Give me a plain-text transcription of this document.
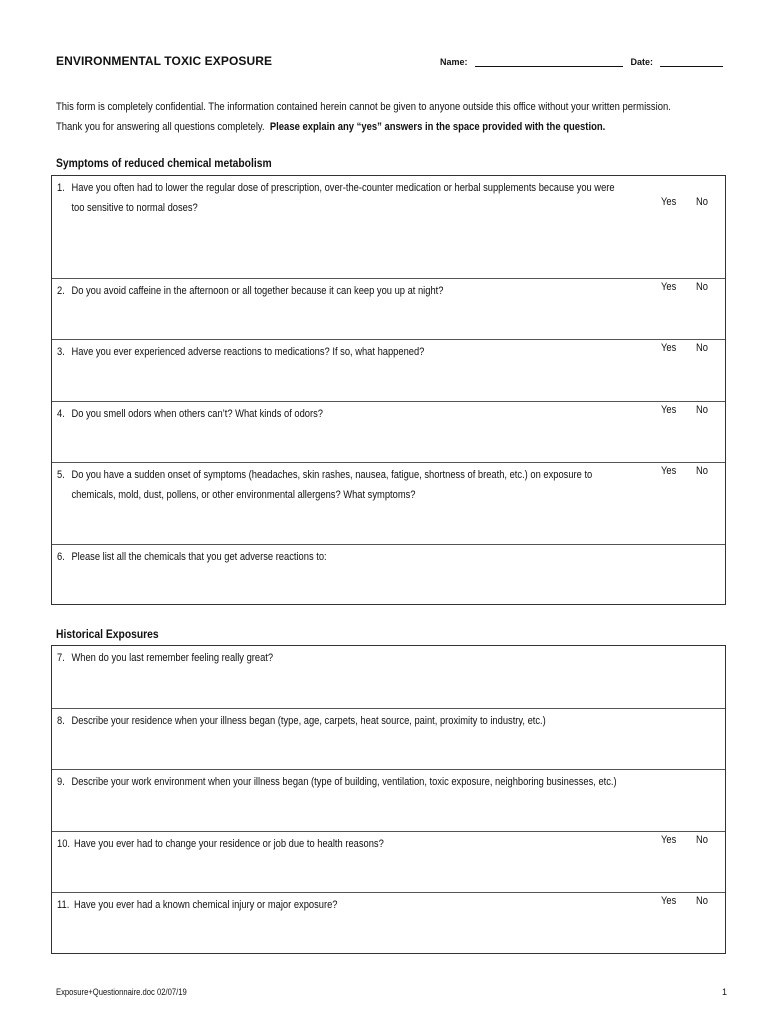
ENVIRONMENTAL TOXIC EXPOSURE	Name:	Date:
This form is completely confidential. The information contained herein cannot be given to anyone outside this office without your written permission.
Thank you for answering all questions completely. Please explain any “yes” answers in the space provided with the question.
Symptoms of reduced chemical metabolism
1. Have you often had to lower the regular dose of prescription, over-the-counter medication or herbal supplements because you were
too sensitive to normal doses?	Yes No
2. Do you avoid caffeine in the afternoon or all together because it can keep you up at night?	Yes No
3. Have you ever experienced adverse reactions to medications? If so, what happened?	Yes No
4. Do you smell odors when others can’t? What kinds of odors?	Yes No
5. Do you have a sudden onset of symptoms (headaches, skin rashes, nausea, fatigue, shortness of breath, etc.) on exposure to
chemicals, mold, dust, pollens, or other environmental allergens? What symptoms?
Yes No
6. Please list all the chemicals that you get adverse reactions to:
Historical Exposures
7. When do you last remember feeling really great?
8. Describe your residence when your illness began (type, age, carpets, heat source, paint, proximity to industry, etc.)
9. Describe your work environment when your illness began (type of building, ventilation, toxic exposure, neighboring businesses, etc.)
10. Have you ever had to change your residence or job due to health reasons?	Yes No
11. Have you ever had a known chemical injury or major exposure?	Yes No
Exposure+Questionnaire.doc 02/07/19	1
